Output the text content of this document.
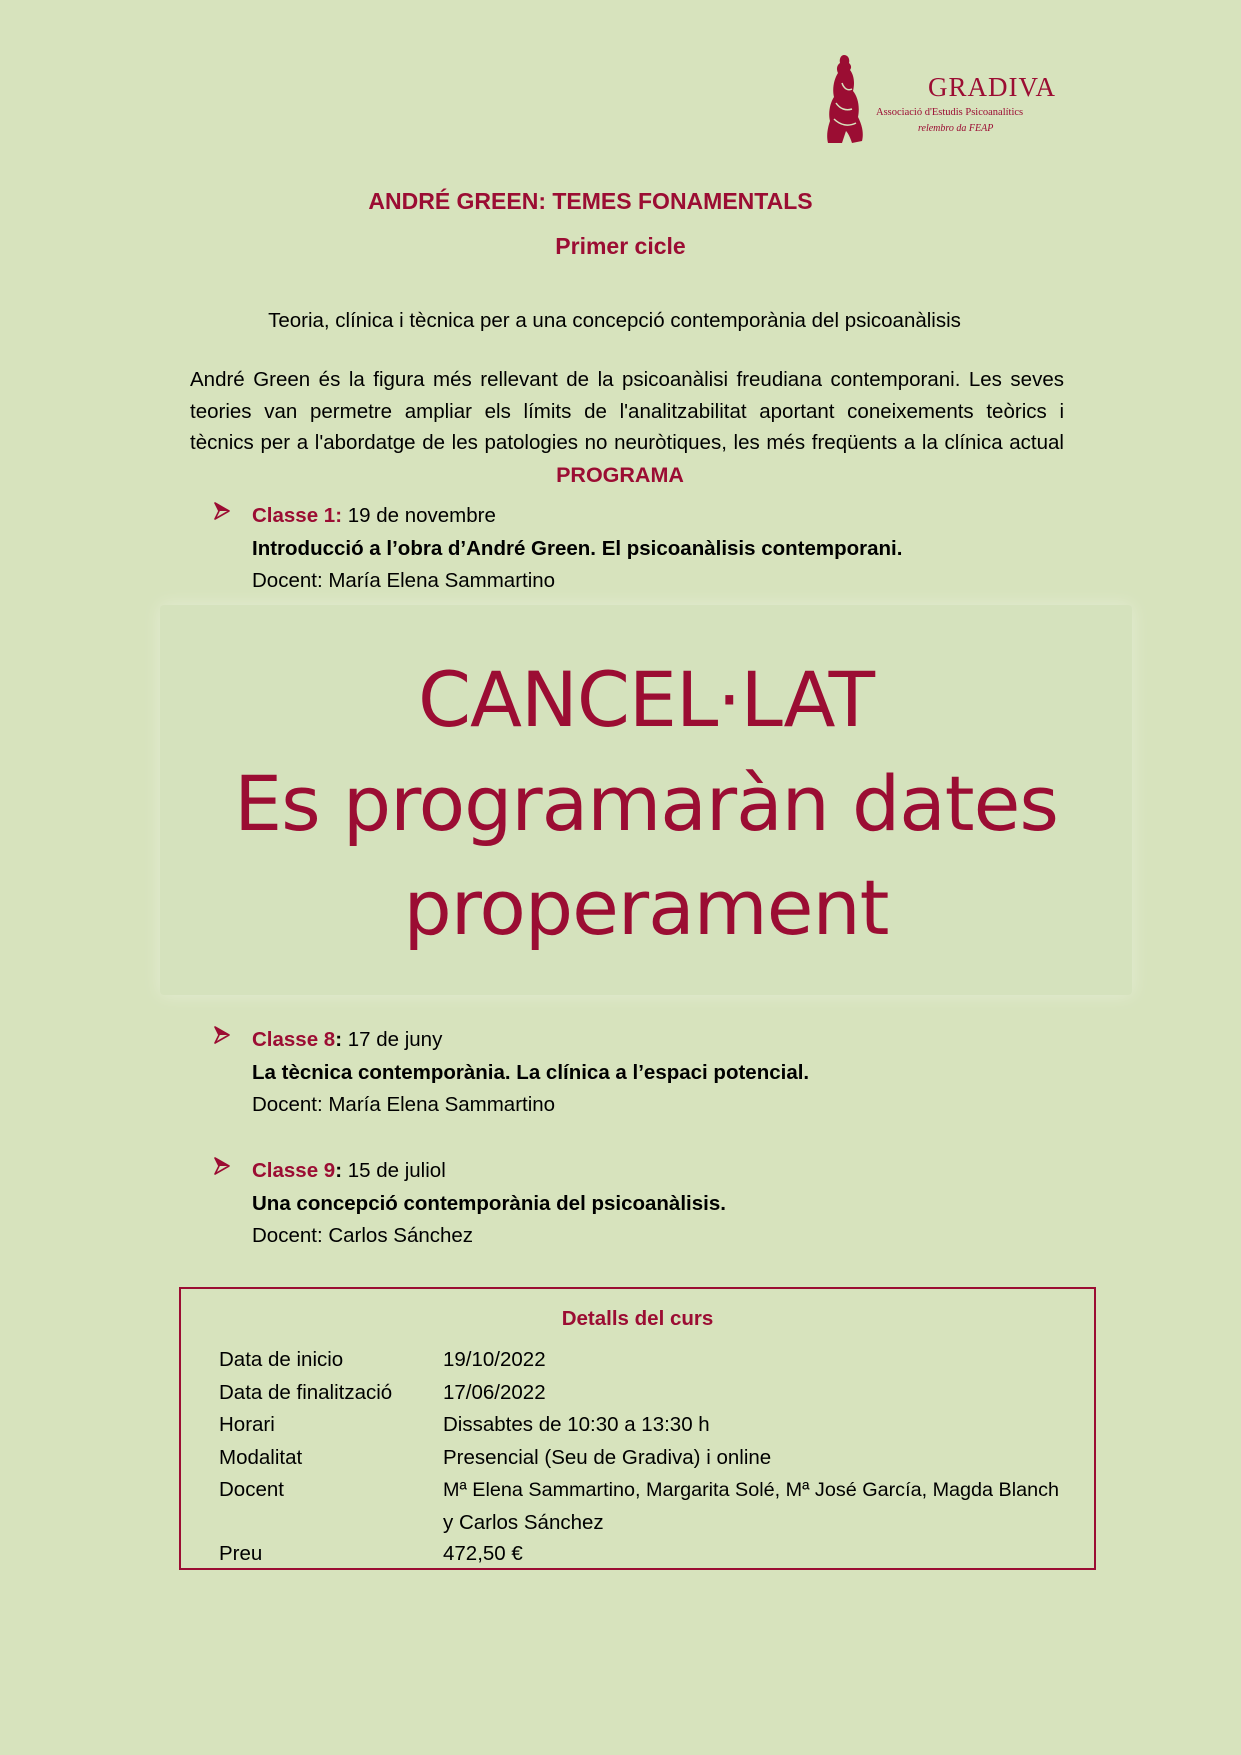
GRADIVA
Associació d'Estudis Psicoanalítics
relembro da FEAP
ANDRÉ GREEN: TEMES FONAMENTALS
Primer cicle
Teoria, clínica i tècnica per a una concepció contemporània del psicoanàlisis
André Green és la figura més rellevant de la psicoanàlisi freudiana contemporani. Les seves
teories van permetre ampliar els límits de l'analitzabilitat aportant coneixements teòrics i
tècnics per a l'abordatge de les patologies no neuròtiques, les més freqüents a la clínica actual
PROGRAMA
Classe 1: 19 de novembre
Introducció a l’obra d’André Green. El psicoanàlisis contemporani.
Docent: María Elena Sammartino
CANCEL·LAT
Es programaràn dates
properament
Classe 8: 17 de juny
La tècnica contemporània. La clínica a l’espaci potencial.
Docent: María Elena Sammartino
Classe 9: 15 de juliol
Una concepció contemporània del psicoanàlisis.
Docent: Carlos Sánchez
Detalls del curs
Data de inicio	19/10/2022
Data de finalització 17/06/2022
Horari	Dissabtes de 10:30 a 13:30 h
Modalitat	Presencial (Seu de Gradiva) i online
Docent	Mª Elena Sammartino, Margarita Solé, Mª José García, Magda Blanch
y Carlos Sánchez
Preu	472,50 €
